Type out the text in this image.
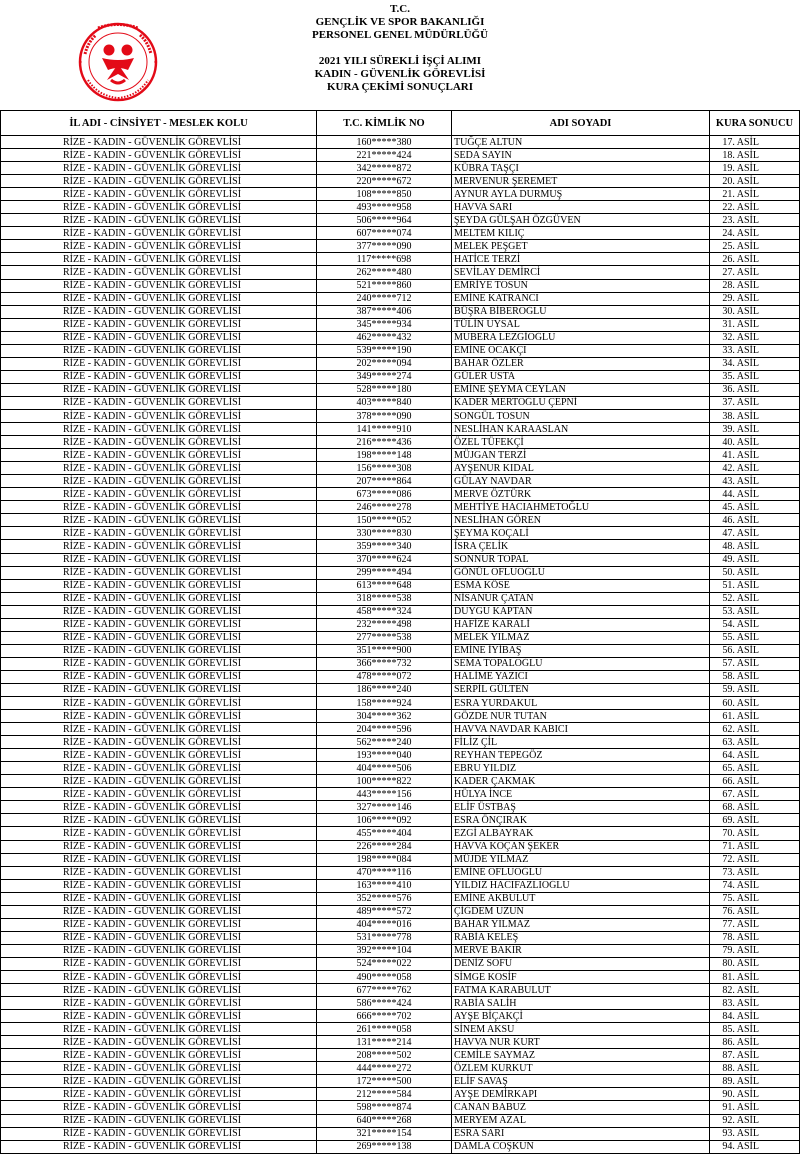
T.C.
GENÇLİK VE SPOR BAKANLIĞI
PERSONEL GENEL MÜDÜRLÜĞÜ
2021 YILI SÜREKLİ İŞÇİ ALIMI
KADIN - GÜVENLİK GÖREVLİSİ
KURA ÇEKİMİ SONUÇLARI
İL ADI - CİNSİYET - MESLEK KOLU	T.C. KİMLİK NO	ADI SOYADI	KURA SONUCU
RİZE - KADIN - GÜVENLİK GÖREVLİSİ	160*****380	TUĞÇE ALTUN	17. ASİL
RİZE - KADIN - GÜVENLİK GÖREVLİSİ	221*****424	SEDA SAYIN	18. ASİL
RİZE - KADIN - GÜVENLİK GÖREVLİSİ	342*****872	KÜBRA TAŞÇI	19. ASİL
RİZE - KADIN - GÜVENLİK GÖREVLİSİ	220*****672	MERVENUR ŞEREMET	20. ASİL
RİZE - KADIN - GÜVENLİK GÖREVLİSİ	108*****850	AYNUR AYLA DURMUŞ	21. ASİL
RİZE - KADIN - GÜVENLİK GÖREVLİSİ	493*****958	HAVVA SARI	22. ASİL
RİZE - KADIN - GÜVENLİK GÖREVLİSİ	506*****964	ŞEYDA GÜLŞAH ÖZGÜVEN	23. ASİL
RİZE - KADIN - GÜVENLİK GÖREVLİSİ	607*****074	MELTEM KILIÇ	24. ASİL
RİZE - KADIN - GÜVENLİK GÖREVLİSİ	377*****090	MELEK PEŞGET	25. ASİL
RİZE - KADIN - GÜVENLİK GÖREVLİSİ	117*****698	HATİCE TERZİ	26. ASİL
RİZE - KADIN - GÜVENLİK GÖREVLİSİ	262*****480	SEVİLAY DEMİRCİ	27. ASİL
RİZE - KADIN - GÜVENLİK GÖREVLİSİ	521*****860	EMRİYE TOSUN	28. ASİL
RİZE - KADIN - GÜVENLİK GÖREVLİSİ	240*****712	EMİNE KATRANCI	29. ASİL
RİZE - KADIN - GÜVENLİK GÖREVLİSİ	387*****406	BÜŞRA BİBEROĞLU	30. ASİL
RİZE - KADIN - GÜVENLİK GÖREVLİSİ	345*****934	TÜLİN UYSAL	31. ASİL
RİZE - KADIN - GÜVENLİK GÖREVLİSİ	462*****432	MUBERA LEZGİOĞLU	32. ASİL
RİZE - KADIN - GÜVENLİK GÖREVLİSİ	539*****190	EMİNE OCAKÇI	33. ASİL
RİZE - KADIN - GÜVENLİK GÖREVLİSİ	202*****094	BAHAR ÖZLER	34. ASİL
RİZE - KADIN - GÜVENLİK GÖREVLİSİ	349*****274	GÜLER USTA	35. ASİL
RİZE - KADIN - GÜVENLİK GÖREVLİSİ	528*****180	EMİNE ŞEYMA CEYLAN	36. ASİL
RİZE - KADIN - GÜVENLİK GÖREVLİSİ	403*****840	KADER MERTOĞLU ÇEPNİ	37. ASİL
RİZE - KADIN - GÜVENLİK GÖREVLİSİ	378*****090	SONGÜL TOSUN	38. ASİL
RİZE - KADIN - GÜVENLİK GÖREVLİSİ	141*****910	NESLİHAN KARAASLAN	39. ASİL
RİZE - KADIN - GÜVENLİK GÖREVLİSİ	216*****436	ÖZEL TÜFEKÇİ	40. ASİL
RİZE - KADIN - GÜVENLİK GÖREVLİSİ	198*****148	MÜJGAN TERZİ	41. ASİL
RİZE - KADIN - GÜVENLİK GÖREVLİSİ	156*****308	AYŞENUR KIDAL	42. ASİL
RİZE - KADIN - GÜVENLİK GÖREVLİSİ	207*****864	GÜLAY NAVDAR	43. ASİL
RİZE - KADIN - GÜVENLİK GÖREVLİSİ	673*****086	MERVE ÖZTÜRK	44. ASİL
RİZE - KADIN - GÜVENLİK GÖREVLİSİ	246*****278	MEHTİYE HACIAHMETOĞLU	45. ASİL
RİZE - KADIN - GÜVENLİK GÖREVLİSİ	150*****052	NESLİHAN GÖREN	46. ASİL
RİZE - KADIN - GÜVENLİK GÖREVLİSİ	330*****830	ŞEYMA KOÇALİ	47. ASİL
RİZE - KADIN - GÜVENLİK GÖREVLİSİ	359*****340	İSRA ÇELİK	48. ASİL
RİZE - KADIN - GÜVENLİK GÖREVLİSİ	370*****624	SONNUR TOPAL	49. ASİL
RİZE - KADIN - GÜVENLİK GÖREVLİSİ	299*****494	GÖNÜL OFLUOĞLU	50. ASİL
RİZE - KADIN - GÜVENLİK GÖREVLİSİ	613*****648	ESMA KÖSE	51. ASİL
RİZE - KADIN - GÜVENLİK GÖREVLİSİ	318*****538	NİSANUR ÇATAN	52. ASİL
RİZE - KADIN - GÜVENLİK GÖREVLİSİ	458*****324	DUYGU KAPTAN	53. ASİL
RİZE - KADIN - GÜVENLİK GÖREVLİSİ	232*****498	HAFİZE KARALİ	54. ASİL
RİZE - KADIN - GÜVENLİK GÖREVLİSİ	277*****538	MELEK YILMAZ	55. ASİL
RİZE - KADIN - GÜVENLİK GÖREVLİSİ	351*****900	EMİNE İYİBAŞ	56. ASİL
RİZE - KADIN - GÜVENLİK GÖREVLİSİ	366*****732	SEMA TOPALOĞLU	57. ASİL
RİZE - KADIN - GÜVENLİK GÖREVLİSİ	478*****072	HALİME YAZICI	58. ASİL
RİZE - KADIN - GÜVENLİK GÖREVLİSİ	186*****240	SERPİL GÜLTEN	59. ASİL
RİZE - KADIN - GÜVENLİK GÖREVLİSİ	158*****924	ESRA YURDAKUL	60. ASİL
RİZE - KADIN - GÜVENLİK GÖREVLİSİ	304*****362	GÖZDE NUR TUTAN	61. ASİL
RİZE - KADIN - GÜVENLİK GÖREVLİSİ	204*****596	HAVVA NAVDAR KABICI	62. ASİL
RİZE - KADIN - GÜVENLİK GÖREVLİSİ	562*****240	FİLİZ ÇİL	63. ASİL
RİZE - KADIN - GÜVENLİK GÖREVLİSİ	193*****040	REYHAN TEPEGÖZ	64. ASİL
RİZE - KADIN - GÜVENLİK GÖREVLİSİ	404*****506	EBRU YILDIZ	65. ASİL
RİZE - KADIN - GÜVENLİK GÖREVLİSİ	100*****822	KADER ÇAKMAK	66. ASİL
RİZE - KADIN - GÜVENLİK GÖREVLİSİ	443*****156	HÜLYA İNCE	67. ASİL
RİZE - KADIN - GÜVENLİK GÖREVLİSİ	327*****146	ELİF ÜSTBAŞ	68. ASİL
RİZE - KADIN - GÜVENLİK GÖREVLİSİ	106*****092	ESRA ÖNÇIRAK	69. ASİL
RİZE - KADIN - GÜVENLİK GÖREVLİSİ	455*****404	EZGİ ALBAYRAK	70. ASİL
RİZE - KADIN - GÜVENLİK GÖREVLİSİ	226*****284	HAVVA KOÇAN ŞEKER	71. ASİL
RİZE - KADIN - GÜVENLİK GÖREVLİSİ	198*****084	MÜJDE YILMAZ	72. ASİL
RİZE - KADIN - GÜVENLİK GÖREVLİSİ	470*****116	EMİNE OFLUOĞLU	73. ASİL
RİZE - KADIN - GÜVENLİK GÖREVLİSİ	163*****410	YILDIZ HACIFAZLIOĞLU	74. ASİL
RİZE - KADIN - GÜVENLİK GÖREVLİSİ	352*****576	EMİNE AKBULUT	75. ASİL
RİZE - KADIN - GÜVENLİK GÖREVLİSİ	489*****572	ÇİĞDEM UZUN	76. ASİL
RİZE - KADIN - GÜVENLİK GÖREVLİSİ	404*****016	BAHAR YILMAZ	77. ASİL
RİZE - KADIN - GÜVENLİK GÖREVLİSİ	531*****778	RABİA KELEŞ	78. ASİL
RİZE - KADIN - GÜVENLİK GÖREVLİSİ	392*****104	MERVE BAKIR	79. ASİL
RİZE - KADIN - GÜVENLİK GÖREVLİSİ	524*****022	DENİZ SOFU	80. ASİL
RİZE - KADIN - GÜVENLİK GÖREVLİSİ	490*****058	SİMGE KOSİF	81. ASİL
RİZE - KADIN - GÜVENLİK GÖREVLİSİ	677*****762	FATMA KARABULUT	82. ASİL
RİZE - KADIN - GÜVENLİK GÖREVLİSİ	586*****424	RABİA SALİH	83. ASİL
RİZE - KADIN - GÜVENLİK GÖREVLİSİ	666*****702	AYŞE BİÇAKÇİ	84. ASİL
RİZE - KADIN - GÜVENLİK GÖREVLİSİ	261*****058	SİNEM AKSU	85. ASİL
RİZE - KADIN - GÜVENLİK GÖREVLİSİ	131*****214	HAVVA NUR KURT	86. ASİL
RİZE - KADIN - GÜVENLİK GÖREVLİSİ	208*****502	CEMİLE SAYMAZ	87. ASİL
RİZE - KADIN - GÜVENLİK GÖREVLİSİ	444*****272	ÖZLEM KURKUT	88. ASİL
RİZE - KADIN - GÜVENLİK GÖREVLİSİ	172*****500	ELİF SAVAŞ	89. ASİL
RİZE - KADIN - GÜVENLİK GÖREVLİSİ	212*****584	AYŞE DEMİRKAPI	90. ASİL
RİZE - KADIN - GÜVENLİK GÖREVLİSİ	598*****874	CANAN BABUZ	91. ASİL
RİZE - KADIN - GÜVENLİK GÖREVLİSİ	640*****268	MERYEM AZAL	92. ASİL
RİZE - KADIN - GÜVENLİK GÖREVLİSİ	321*****154	ESRA SARI	93. ASİL
RİZE - KADIN - GÜVENLİK GÖREVLİSİ	269*****138	DAMLA COŞKUN	94. ASİL
